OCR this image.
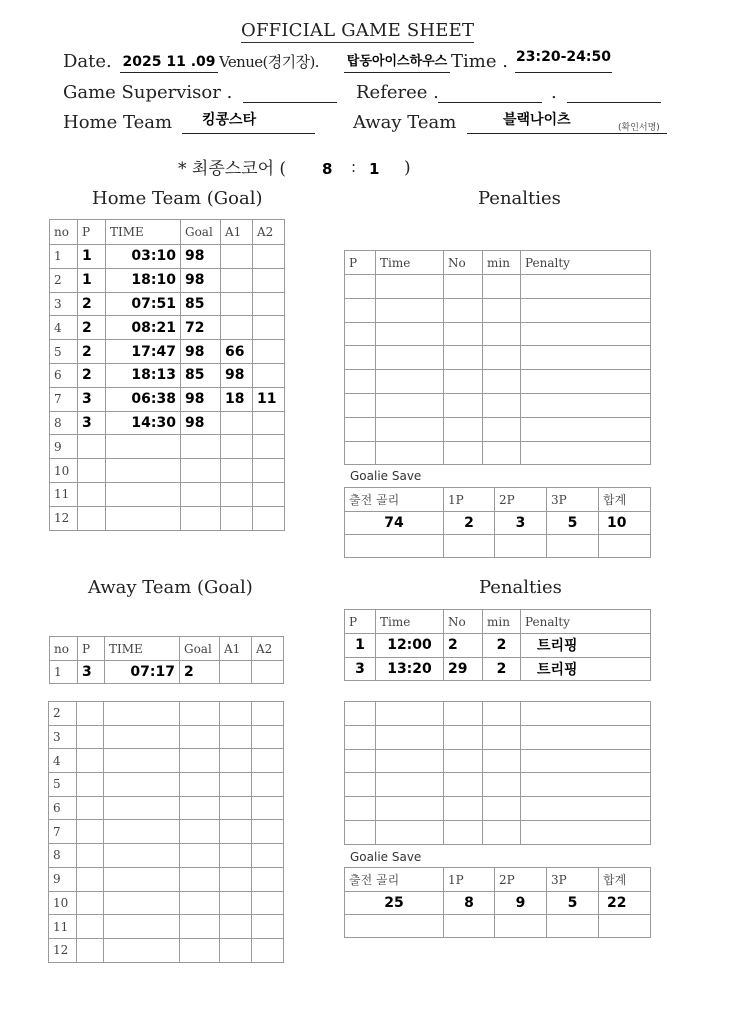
OFFICIAL GAME SHEET
Date. 2025 11 .09 Venue(경기장). 탑동아이스하우스 Time . 23:20-24:50
Game Supervisor .	Referee .	.
Home Team	킹콩스타	Away Team	블랙나이츠	(확인서명)
* 최종스코어 ( 8 : 1 )
Home Team (Goal)	Penalties
Away Team (Goal)	Penalties
no	P	TIME	Goal	A1	A2
1	1	03:10	98		
2	1	18:10	98		
3	2	07:51	85		
4	2	08:21	72		
5	2	17:47	98	66	
6	2	18:13	85	98	
7	3	06:38	98	18	11
8	3	14:30	98		
9					
10					
11					
12					
P	Time	No	min	Penalty

Goalie Save
출전 골리	1P	2P	3P	합계
74	2	3	5	10

no	P	TIME	Goal	A1	A2
1	3	07:17	2		
2					
3					
4					
5					
6					
7					
8					
9					
10					
11					
12					
P	Time	No	min	Penalty
1	12:00	2	2	트리핑
3	13:20	29	2	트리핑

Goalie Save
출전 골리	1P	2P	3P	합계
25	8	9	5	22
